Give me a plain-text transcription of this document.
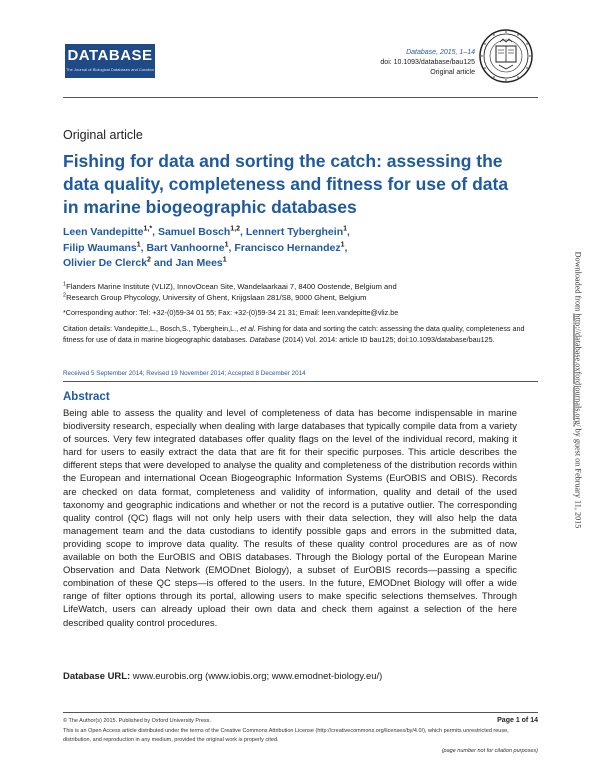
DATABASE
The Journal of Biological Databases and Curation
Database, 2015, 1–14
doi: 10.1093/database/bau125
Original article
Original article
Fishing for data and sorting the catch: assessing the data quality, completeness and fitness for use of data in marine biogeographic databases
Leen Vandepitte$^{1,*}$, Samuel Bosch$^{1,2}$, Lennert Tyberghein$^1$,
Filip Waumans$^1$, Bart Vanhoorne$^1$, Francisco Hernandez$^1$,
Olivier De Clerck$^2$ and Jan Mees$^1$
$^1$Flanders Marine Institute (VLIZ), InnovOcean Site, Wandelaarkaai 7, 8400 Oostende, Belgium and
$^2$Research Group Phycology, University of Ghent, Krijgslaan 281/S8, 9000 Ghent, Belgium
*Corresponding author: Tel: +32-(0)59-34 01 55; Fax: +32-(0)59-34 21 31; Email: leen.vandepitte@vliz.be
Citation details: Vandepitte,L., Bosch,S., Tyberghein,L., et al. Fishing for data and sorting the catch: assessing the data quality, completeness and fitness for use of data in marine biogeographic databases. Database (2014) Vol. 2014: article ID bau125; doi:10.1093/database/bau125.
Received 5 September 2014; Revised 19 November 2014; Accepted 8 December 2014
Abstract
Being able to assess the quality and level of completeness of data has become indispensable in marine biodiversity research, especially when dealing with large databases that typically compile data from a variety of sources. Very few integrated databases offer quality flags on the level of the individual record, making it hard for users to easily extract the data that are fit for their specific purposes. This article describes the different steps that were developed to analyse the quality and completeness of the distribution records within the European and international Ocean Biogeographic Information Systems (EurOBIS and OBIS). Records are checked on data format, completeness and validity of information, quality and detail of the used taxonomy and geographic indications and whether or not the record is a putative outlier. The corresponding quality control (QC) flags will not only help users with their data selection, they will also help the data management team and the data custodians to identify possible gaps and errors in the submitted data, providing scope to improve data quality. The results of these quality control procedures are as of now available on both the EurOBIS and OBIS databases. Through the Biology portal of the European Marine Observation and Data Network (EMODnet Biology), a subset of EurOBIS records—passing a specific combination of these QC steps—is offered to the users. In the future, EMODnet Biology will offer a wide range of filter options through its portal, allowing users to make specific selections themselves. Through LifeWatch, users can already upload their own data and check them against a selection of the here described quality control procedures.
Database URL: www.eurobis.org (www.iobis.org; www.emodnet-biology.eu/)
© The Author(s) 2015. Published by Oxford University Press.	Page 1 of 14
This is an Open Access article distributed under the terms of the Creative Commons Attribution License (http://creativecommons.org/licenses/by/4.0/), which permits unrestricted reuse, distribution, and reproduction in any medium, provided the original work is properly cited.
(page number not for citation purposes)
Downloaded from http://database.oxfordjournals.org/ by guest on February 11, 2015
